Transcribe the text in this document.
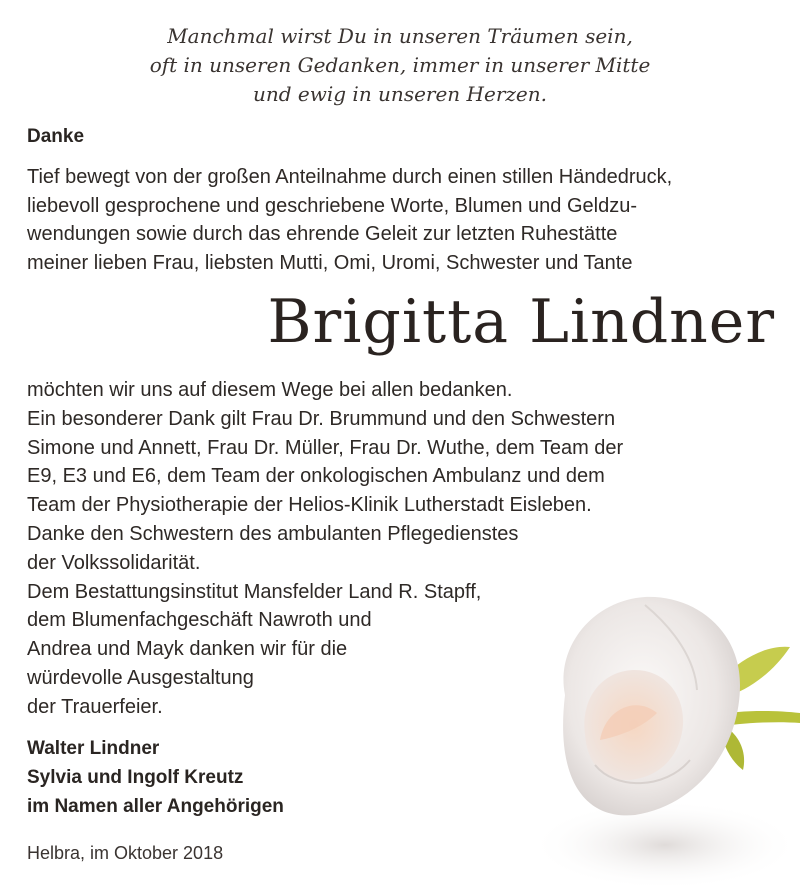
Manchmal wirst Du in unseren Träumen sein,
oft in unseren Gedanken, immer in unserer Mitte
und ewig in unseren Herzen.
Danke
Tief bewegt von der großen Anteilnahme durch einen stillen Händedruck,
liebevoll gesprochene und geschriebene Worte, Blumen und Geldzu-
wendungen sowie durch das ehrende Geleit zur letzten Ruhestätte
meiner lieben Frau, liebsten Mutti, Omi, Uromi, Schwester und Tante
Brigitta Lindner
möchten wir uns auf diesem Wege bei allen bedanken.
Ein besonderer Dank gilt Frau Dr. Brummund und den Schwestern
Simone und Annett, Frau Dr. Müller, Frau Dr. Wuthe, dem Team der
E9, E3 und E6, dem Team der onkologischen Ambulanz und dem
Team der Physiotherapie der Helios-Klinik Lutherstadt Eisleben.
Danke den Schwestern des ambulanten Pflegedienstes
der Volkssolidarität.
Dem Bestattungsinstitut Mansfelder Land R. Stapff,
dem Blumenfachgeschäft Nawroth und
Andrea und Mayk danken wir für die
würdevolle Ausgestaltung
der Trauerfeier.
Walter Lindner
Sylvia und Ingolf Kreutz
im Namen aller Angehörigen
Helbra, im Oktober 2018
